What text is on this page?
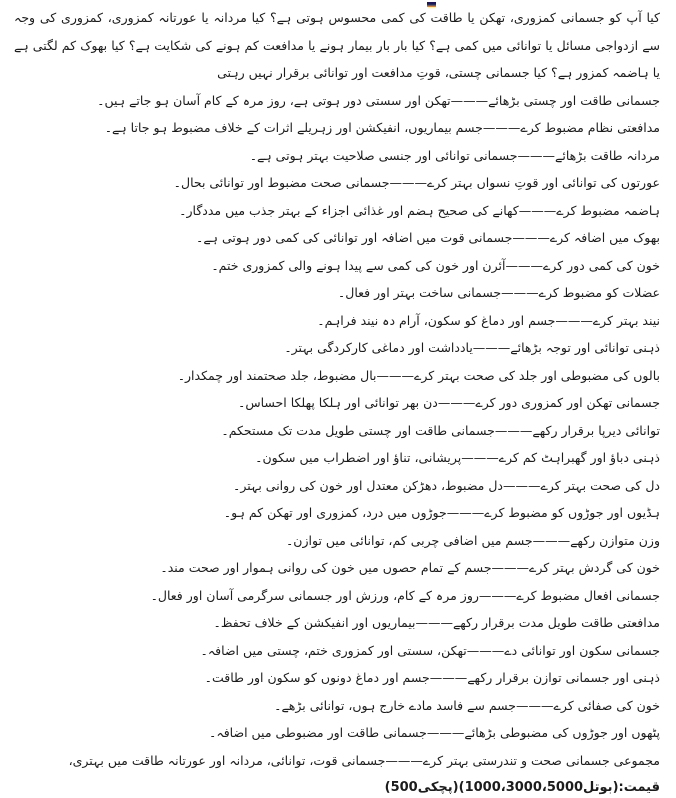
کیا آپ کو جسمانی کمزوری، تھکن یا طاقت کی کمی محسوس ہوتی ہے؟ کیا مردانہ یا عورتانہ کمزوری، کمزوری کی وجہ سے ازدواجی مسائل یا توانائی میں کمی ہے؟ کیا بار بار بیمار ہونے یا مدافعت کم ہونے کی شکایت ہے؟ کیا بھوک کم لگتی ہے یا ہاضمہ کمزور ہے؟ کیا جسمانی چستی، قوتِ مدافعت اور توانائی برقرار نہیں رہتی

جسمانی طاقت اور چستی بڑھائے———تھکن اور سستی دور ہوتی ہے، روز مرہ کے کام آسان ہو جاتے ہیں۔
مدافعتی نظام مضبوط کرے———جسم بیماریوں، انفیکشن اور زہریلے اثرات کے خلاف مضبوط ہو جاتا ہے۔
مردانہ طاقت بڑھائے———جسمانی توانائی اور جنسی صلاحیت بہتر ہوتی ہے۔
عورتوں کی توانائی اور قوتِ نسواں بہتر کرے———جسمانی صحت مضبوط اور توانائی بحال۔
ہاضمہ مضبوط کرے———کھانے کی صحیح ہضم اور غذائی اجزاء کے بہتر جذب میں مددگار۔
بھوک میں اضافہ کرے———جسمانی قوت میں اضافہ اور توانائی کی کمی دور ہوتی ہے۔
خون کی کمی دور کرے———آئرن اور خون کی کمی سے پیدا ہونے والی کمزوری ختم۔
عضلات کو مضبوط کرے———جسمانی ساخت بہتر اور فعال۔
نیند بہتر کرے———جسم اور دماغ کو سکون، آرام دہ نیند فراہم۔
ذہنی توانائی اور توجہ بڑھائے———یادداشت اور دماغی کارکردگی بہتر۔
بالوں کی مضبوطی اور جلد کی صحت بہتر کرے———بال مضبوط، جلد صحتمند اور چمکدار۔
جسمانی تھکن اور کمزوری دور کرے———دن بھر توانائی اور ہلکا پھلکا احساس۔
توانائی دیرپا برقرار رکھے———جسمانی طاقت اور چستی طویل مدت تک مستحکم۔
ذہنی دباؤ اور گھبراہٹ کم کرے———پریشانی، تناؤ اور اضطراب میں سکون۔
دل کی صحت بہتر کرے———دل مضبوط، دھڑکن معتدل اور خون کی روانی بہتر۔
ہڈیوں اور جوڑوں کو مضبوط کرے———جوڑوں میں درد، کمزوری اور تھکن کم ہو۔
وزن متوازن رکھے———جسم میں اضافی چربی کم، توانائی میں توازن۔
خون کی گردش بہتر کرے———جسم کے تمام حصوں میں خون کی روانی ہموار اور صحت مند۔
جسمانی افعال مضبوط کرے———روز مرہ کے کام، ورزش اور جسمانی سرگرمی آسان اور فعال۔
مدافعتی طاقت طویل مدت برقرار رکھے———بیماریوں اور انفیکشن کے خلاف تحفظ۔
جسمانی سکون اور توانائی دے———تھکن، سستی اور کمزوری ختم، چستی میں اضافہ۔
ذہنی اور جسمانی توازن برقرار رکھے———جسم اور دماغ دونوں کو سکون اور طاقت۔
خون کی صفائی کرے———جسم سے فاسد مادے خارج ہوں، توانائی بڑھے۔
پٹھوں اور جوڑوں کی مضبوطی بڑھائے———جسمانی طاقت اور مضبوطی میں اضافہ۔
مجموعی جسمانی صحت و تندرستی بہتر کرے———جسمانی قوت، توانائی، مردانہ اور عورتانہ طاقت میں بہتری،
قیمت:(بوتل5000‏،3000‏،1000)(پچکی500)
